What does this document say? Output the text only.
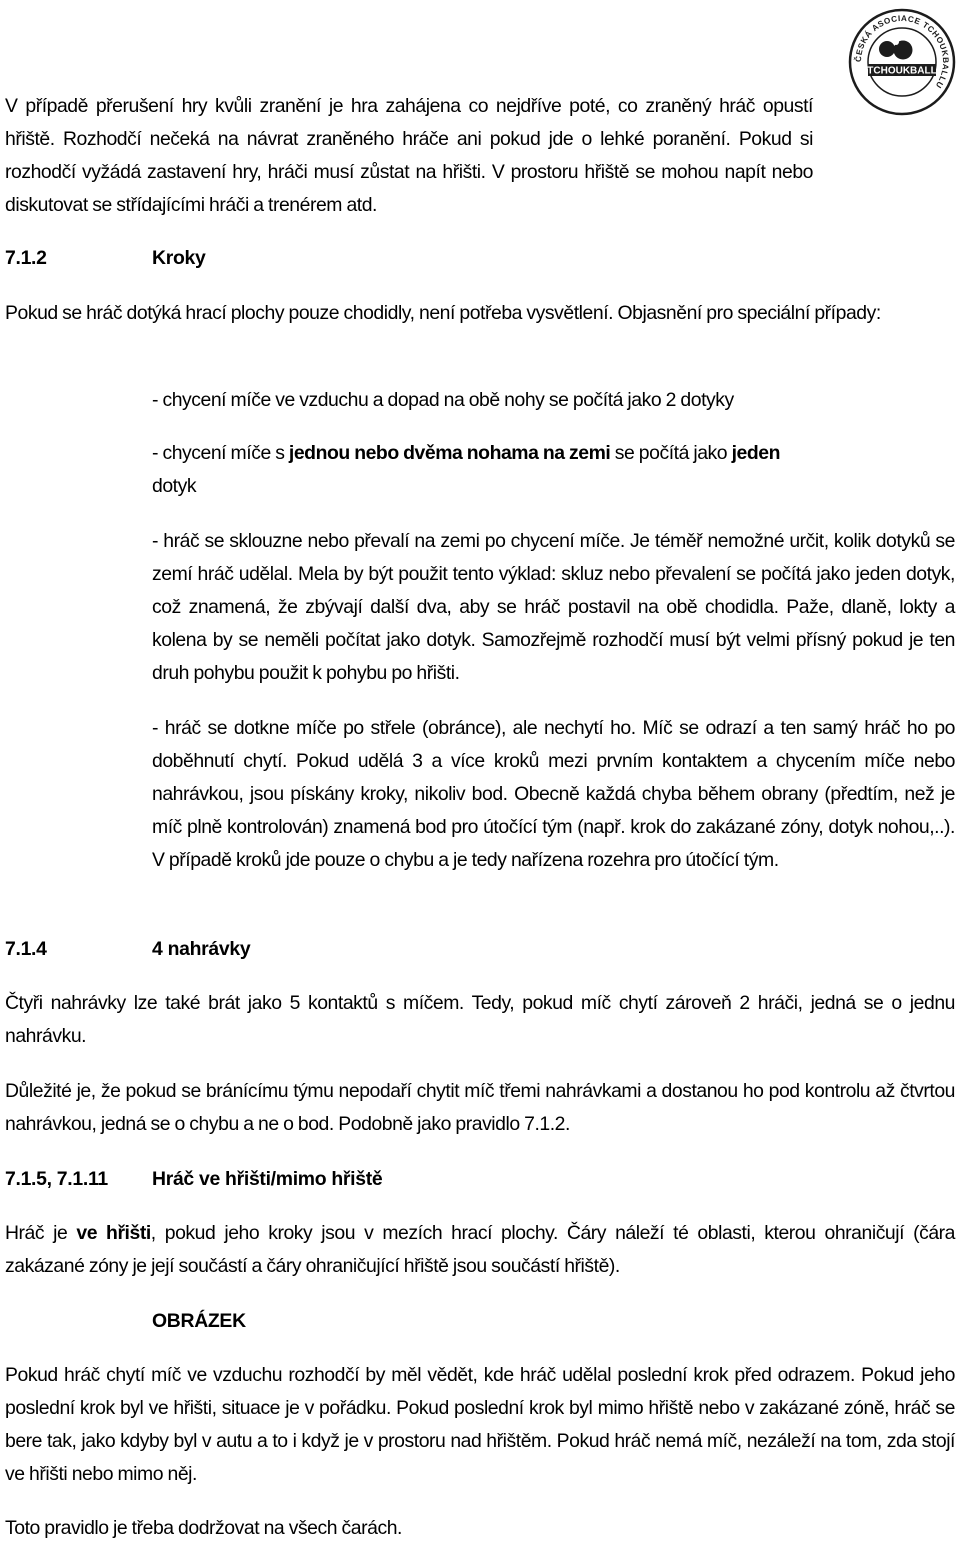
ČESKÁ ASOCIACE TCHOUKBALLU
TCHOUKBALL

V případě přerušení hry kvůli zranění je hra zahájena co nejdříve poté, co zraněný hráč opustí hřiště. Rozhodčí nečeká na návrat zraněného hráče ani pokud jde o lehké poranění. Pokud si rozhodčí vyžádá zastavení hry, hráči musí zůstat na hřišti. V prostoru hřiště se mohou napít nebo diskutovat se střídajícími hráči a trenérem atd.

7.1.2	Kroky

Pokud se hráč dotýká hrací plochy pouze chodidly, není potřeba vysvětlení. Objasnění pro speciální případy:

- chycení míče ve vzduchu a dopad na obě nohy se počítá jako 2 dotyky

- chycení míče s jednou nebo dvěma nohama na zemi se počítá jako jeden
dotyk

- hráč se sklouzne nebo převalí na zemi po chycení míče. Je téměř nemožné určit, kolik dotyků se zemí hráč udělal. Mela by být použit tento výklad: skluz nebo převalení se počítá jako jeden dotyk, což znamená, že zbývají další dva, aby se hráč postavil na obě chodidla. Paže, dlaně, lokty a kolena by se neměli počítat jako dotyk. Samozřejmě rozhodčí musí být velmi přísný pokud je ten druh pohybu použit k pohybu po hřišti.

- hráč se dotkne míče po střele (obránce), ale nechytí ho. Míč se odrazí a ten samý hráč ho po doběhnutí chytí. Pokud udělá 3 a více kroků mezi prvním kontaktem a chycením míče nebo nahrávkou, jsou pískány kroky, nikoliv bod. Obecně každá chyba během obrany (předtím, než je míč plně kontrolován) znamená bod pro útočící tým (např. krok do zakázané zóny, dotyk nohou,..). V případě kroků jde pouze o chybu a je tedy nařízena rozehra pro útočící tým.

7.1.4	4 nahrávky

Čtyři nahrávky lze také brát jako 5 kontaktů s míčem. Tedy, pokud míč chytí zároveň 2 hráči, jedná se o jednu nahrávku.

Důležité je, že pokud se bránícímu týmu nepodaří chytit míč třemi nahrávkami a dostanou ho pod kontrolu až čtvrtou nahrávkou, jedná se o chybu a ne o bod. Podobně jako pravidlo 7.1.2.

7.1.5, 7.1.11 Hráč ve hřišti/mimo hřiště

Hráč je ve hřišti, pokud jeho kroky jsou v mezích hrací plochy. Čáry náleží té oblasti, kterou ohraničují (čára zakázané zóny je její součástí a čáry ohraničující hřiště jsou součástí hřiště).

OBRÁZEK

Pokud hráč chytí míč ve vzduchu rozhodčí by měl vědět, kde hráč udělal poslední krok před odrazem. Pokud jeho poslední krok byl ve hřišti, situace je v pořádku. Pokud poslední krok byl mimo hřiště nebo v zakázané zóně, hráč se bere tak, jako kdyby byl v autu a to i když je v prostoru nad hřištěm. Pokud hráč nemá míč, nezáleží na tom, zda stojí ve hřišti nebo mimo něj.

Toto pravidlo je třeba dodržovat na všech čarách.
